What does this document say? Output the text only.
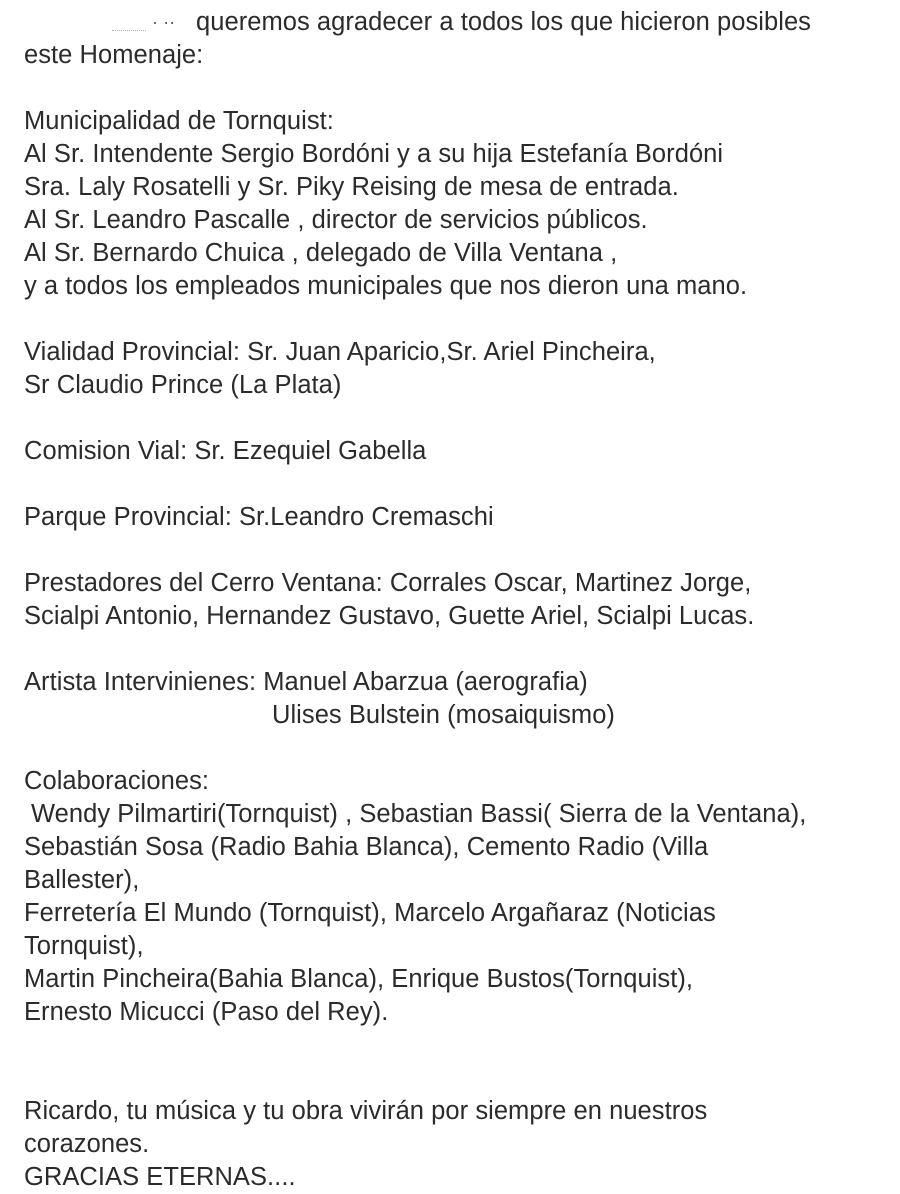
· ·· queremos agradecer a todos los que hicieron posibles
este Homenaje:
Municipalidad de Tornquist:
Al Sr. Intendente Sergio Bordóni y a su hija Estefanía Bordóni
Sra. Laly Rosatelli y Sr. Piky Reising de mesa de entrada.
Al Sr. Leandro Pascalle , director de servicios públicos.
Al Sr. Bernardo Chuica , delegado de Villa Ventana ,
y a todos los empleados municipales que nos dieron una mano.
Vialidad Provincial: Sr. Juan Aparicio,Sr. Ariel Pincheira,
Sr Claudio Prince (La Plata)
Comision Vial: Sr. Ezequiel Gabella
Parque Provincial: Sr.Leandro Cremaschi
Prestadores del Cerro Ventana: Corrales Oscar, Martinez Jorge,
Scialpi Antonio, Hernandez Gustavo, Guette Ariel, Scialpi Lucas.
Artista Intervinienes: Manuel Abarzua (aerografia)
Ulises Bulstein (mosaiquismo)
Colaboraciones:
Wendy Pilmartiri(Tornquist) , Sebastian Bassi( Sierra de la Ventana),
Sebastián Sosa (Radio Bahia Blanca), Cemento Radio (Villa
Ballester),
Ferretería El Mundo (Tornquist), Marcelo Argañaraz (Noticias
Tornquist),
Martin Pincheira(Bahia Blanca), Enrique Bustos(Tornquist),
Ernesto Micucci (Paso del Rey).
Ricardo, tu música y tu obra vivirán por siempre en nuestros
corazones.
GRACIAS ETERNAS....
